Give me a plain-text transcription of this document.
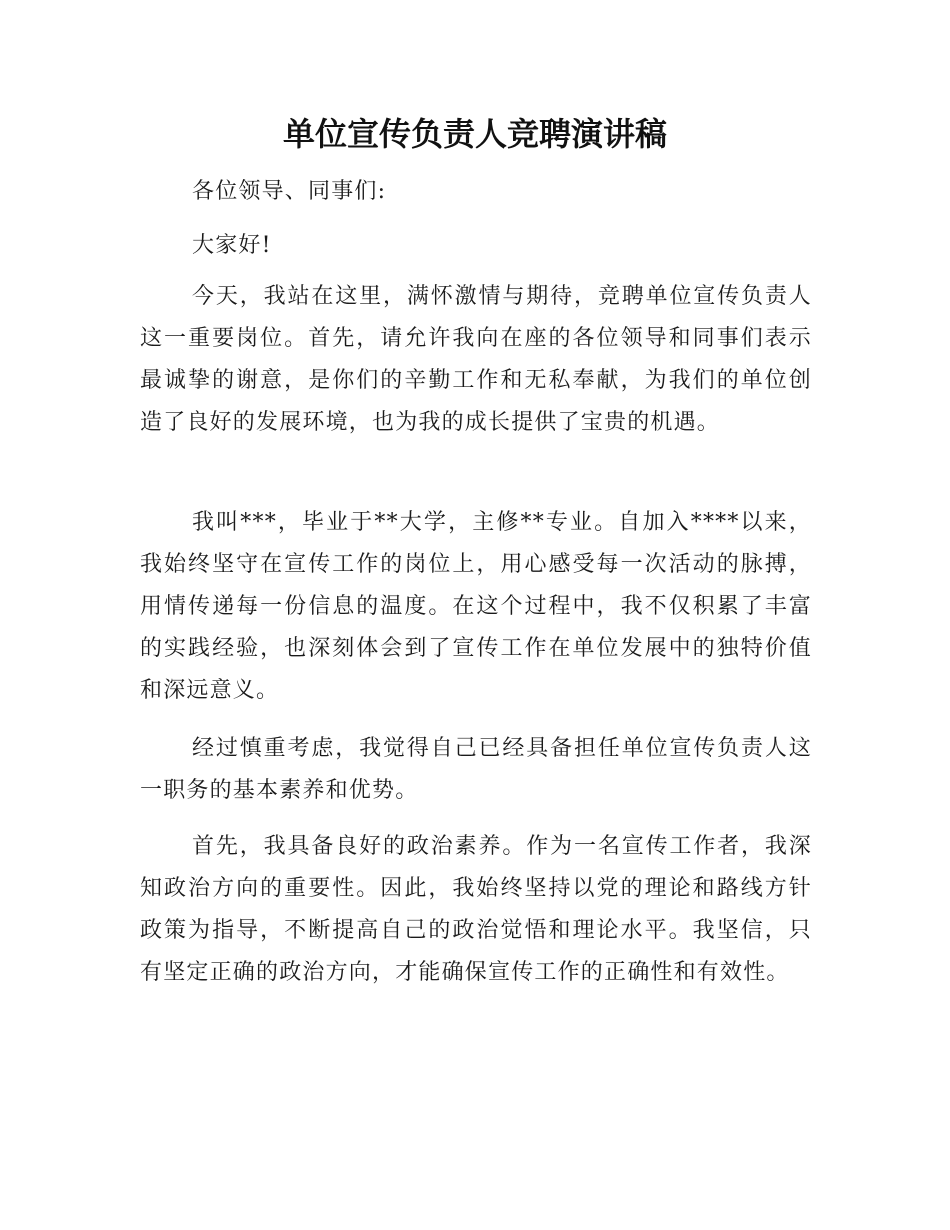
单位宣传负责人竞聘演讲稿

各位领导、同事们:

大家好!

今天，我站在这里，满怀激情与期待，竞聘单位宣传负责人这一重要岗位。首先，请允许我向在座的各位领导和同事们表示最诚挚的谢意，是你们的辛勤工作和无私奉献，为我们的单位创造了良好的发展环境，也为我的成长提供了宝贵的机遇。

我叫***，毕业于**大学，主修**专业。自加入****以来，我始终坚守在宣传工作的岗位上，用心感受每一次活动的脉搏，用情传递每一份信息的温度。在这个过程中，我不仅积累了丰富的实践经验，也深刻体会到了宣传工作在单位发展中的独特价值和深远意义。

经过慎重考虑，我觉得自己已经具备担任单位宣传负责人这一职务的基本素养和优势。

首先，我具备良好的政治素养。作为一名宣传工作者，我深知政治方向的重要性。因此，我始终坚持以党的理论和路线方针政策为指导，不断提高自己的政治觉悟和理论水平。我坚信，只有坚定正确的政治方向，才能确保宣传工作的正确性和有效性。
